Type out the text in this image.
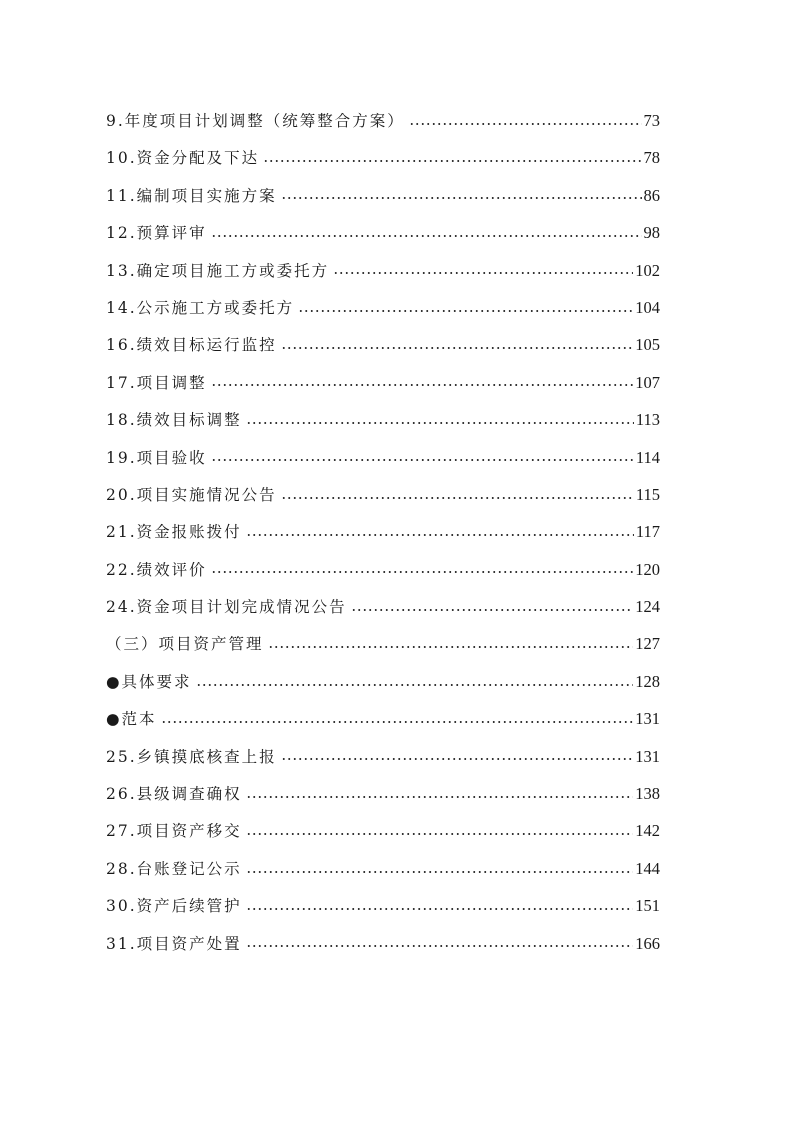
9.年度项目计划调整（统筹整合方案）	73
10.资金分配及下达	78
11.编制项目实施方案	86
12.预算评审	98
13.确定项目施工方或委托方	102
14.公示施工方或委托方	104
16.绩效目标运行监控	105
17.项目调整	107
18.绩效目标调整	113
19.项目验收	114
20.项目实施情况公告	115
21.资金报账拨付	117
22.绩效评价	120
24.资金项目计划完成情况公告	124
（三）项目资产管理	127
●具体要求	128
●范本	131
25.乡镇摸底核查上报	131
26.县级调查确权	138
27.项目资产移交	142
28.台账登记公示	144
30.资产后续管护	151
31.项目资产处置	166
